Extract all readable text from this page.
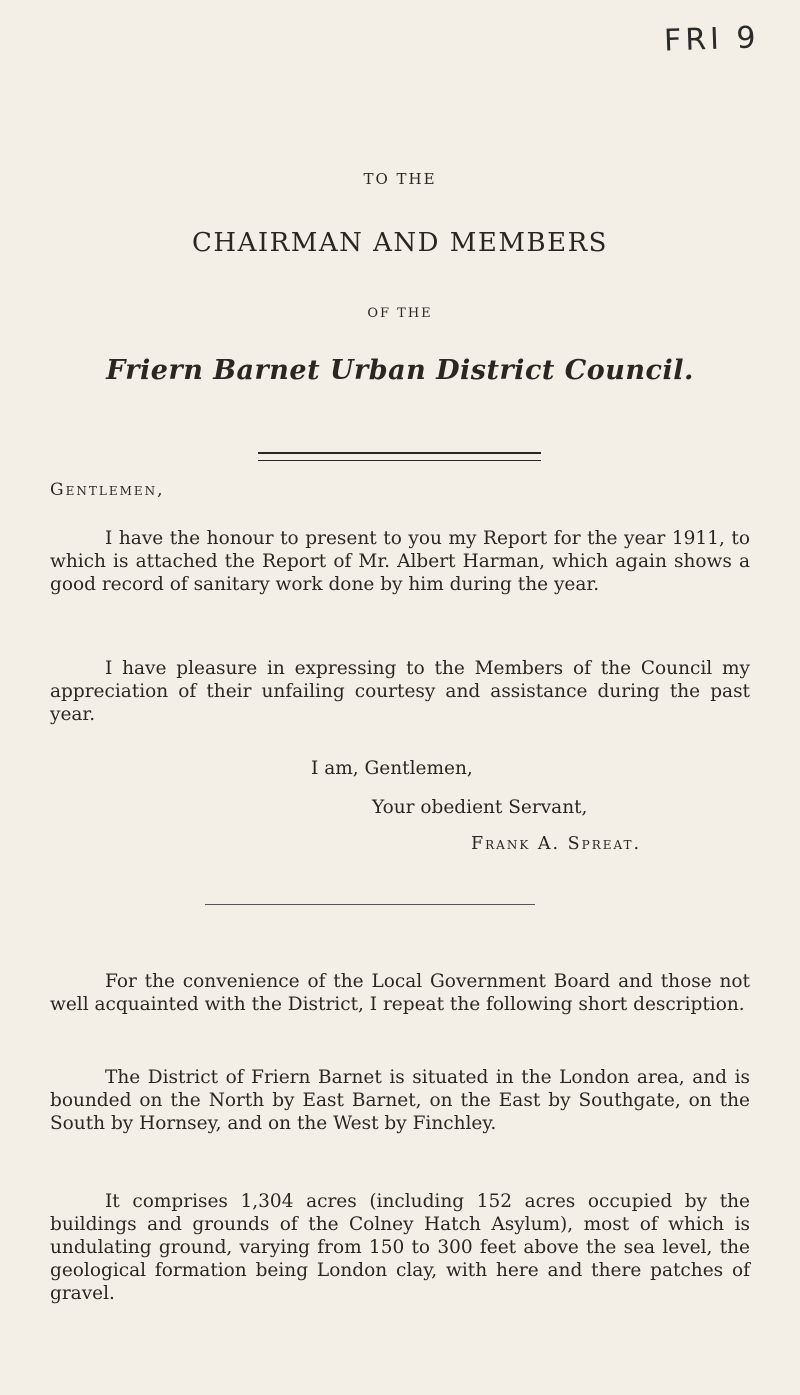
FRI 9
TO THE
CHAIRMAN AND MEMBERS
OF THE
Friern Barnet Urban District Council.
Gentlemen,

I have the honour to present to you my Report for the year 1911, to which is attached the Report of Mr. Albert Harman, which again shows a good record of sanitary work done by him during the year.

I have pleasure in expressing to the Members of the Council my appreciation of their unfailing courtesy and assistance during the past year.

I am, Gentlemen,
Your obedient Servant,
Frank A. Spreat.

For the convenience of the Local Government Board and those not well acquainted with the District, I repeat the following short description.

The District of Friern Barnet is situated in the London area, and is bounded on the North by East Barnet, on the East by Southgate, on the South by Hornsey, and on the West by Finchley.

It comprises 1,304 acres (including 152 acres occupied by the buildings and grounds of the Colney Hatch Asylum), most of which is undulating ground, varying from 150 to 300 feet above the sea level, the geological formation being London clay, with here and there patches of gravel.
